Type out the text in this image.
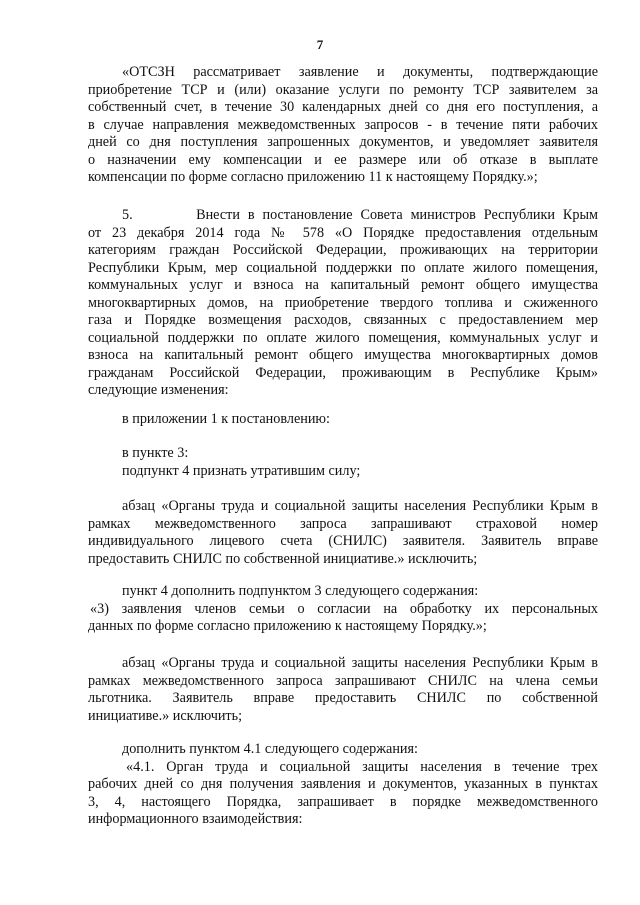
7
«ОТСЗН рассматривает заявление и документы, подтверждающие
приобретение ТСР и (или) оказание услуги по ремонту ТСР заявителем за
собственный счет, в течение 30 календарных дней со дня его поступления, а
в случае направления межведомственных запросов - в течение пяти рабочих
дней со дня поступления запрошенных документов, и уведомляет заявителя
о назначении ему компенсации и ее размере или об отказе в выплате
компенсации по форме согласно приложению 11 к настоящему Порядку.»;
5.        Внести в постановление Совета министров Республики Крым
от 23 декабря 2014 года № 578 «О Порядке предоставления отдельным
категориям граждан Российской Федерации, проживающих на территории
Республики Крым, мер социальной поддержки по оплате жилого помещения,
коммунальных услуг и взноса на капитальный ремонт общего имущества
многоквартирных домов, на приобретение твердого топлива и сжиженного
газа и Порядке возмещения расходов, связанных с предоставлением мер
социальной поддержки по оплате жилого помещения, коммунальных услуг и
взноса на капитальный ремонт общего имущества многоквартирных домов
гражданам Российской Федерации, проживающим в Республике Крым»
следующие изменения:
в приложении 1 к постановлению:
в пункте 3:
подпункт 4 признать утратившим силу;
абзац «Органы труда и социальной защиты населения Республики Крым в
рамках межведомственного запроса запрашивают страховой номер
индивидуального лицевого счета (СНИЛС) заявителя. Заявитель вправе
предоставить СНИЛС по собственной инициативе.» исключить;
пункт 4 дополнить подпунктом 3 следующего содержания:
«3) заявления членов семьи о согласии на обработку их персональных
данных по форме согласно приложению к настоящему Порядку.»;
абзац «Органы труда и социальной защиты населения Республики Крым в
рамках межведомственного запроса запрашивают СНИЛС на члена семьи
льготника. Заявитель вправе предоставить СНИЛС по собственной
инициативе.» исключить;
дополнить пунктом 4.1 следующего содержания:
«4.1. Орган труда и социальной защиты населения в течение трех
рабочих дней со дня получения заявления и документов, указанных в пунктах
3, 4, настоящего Порядка, запрашивает в порядке межведомственного
информационного взаимодействия:
